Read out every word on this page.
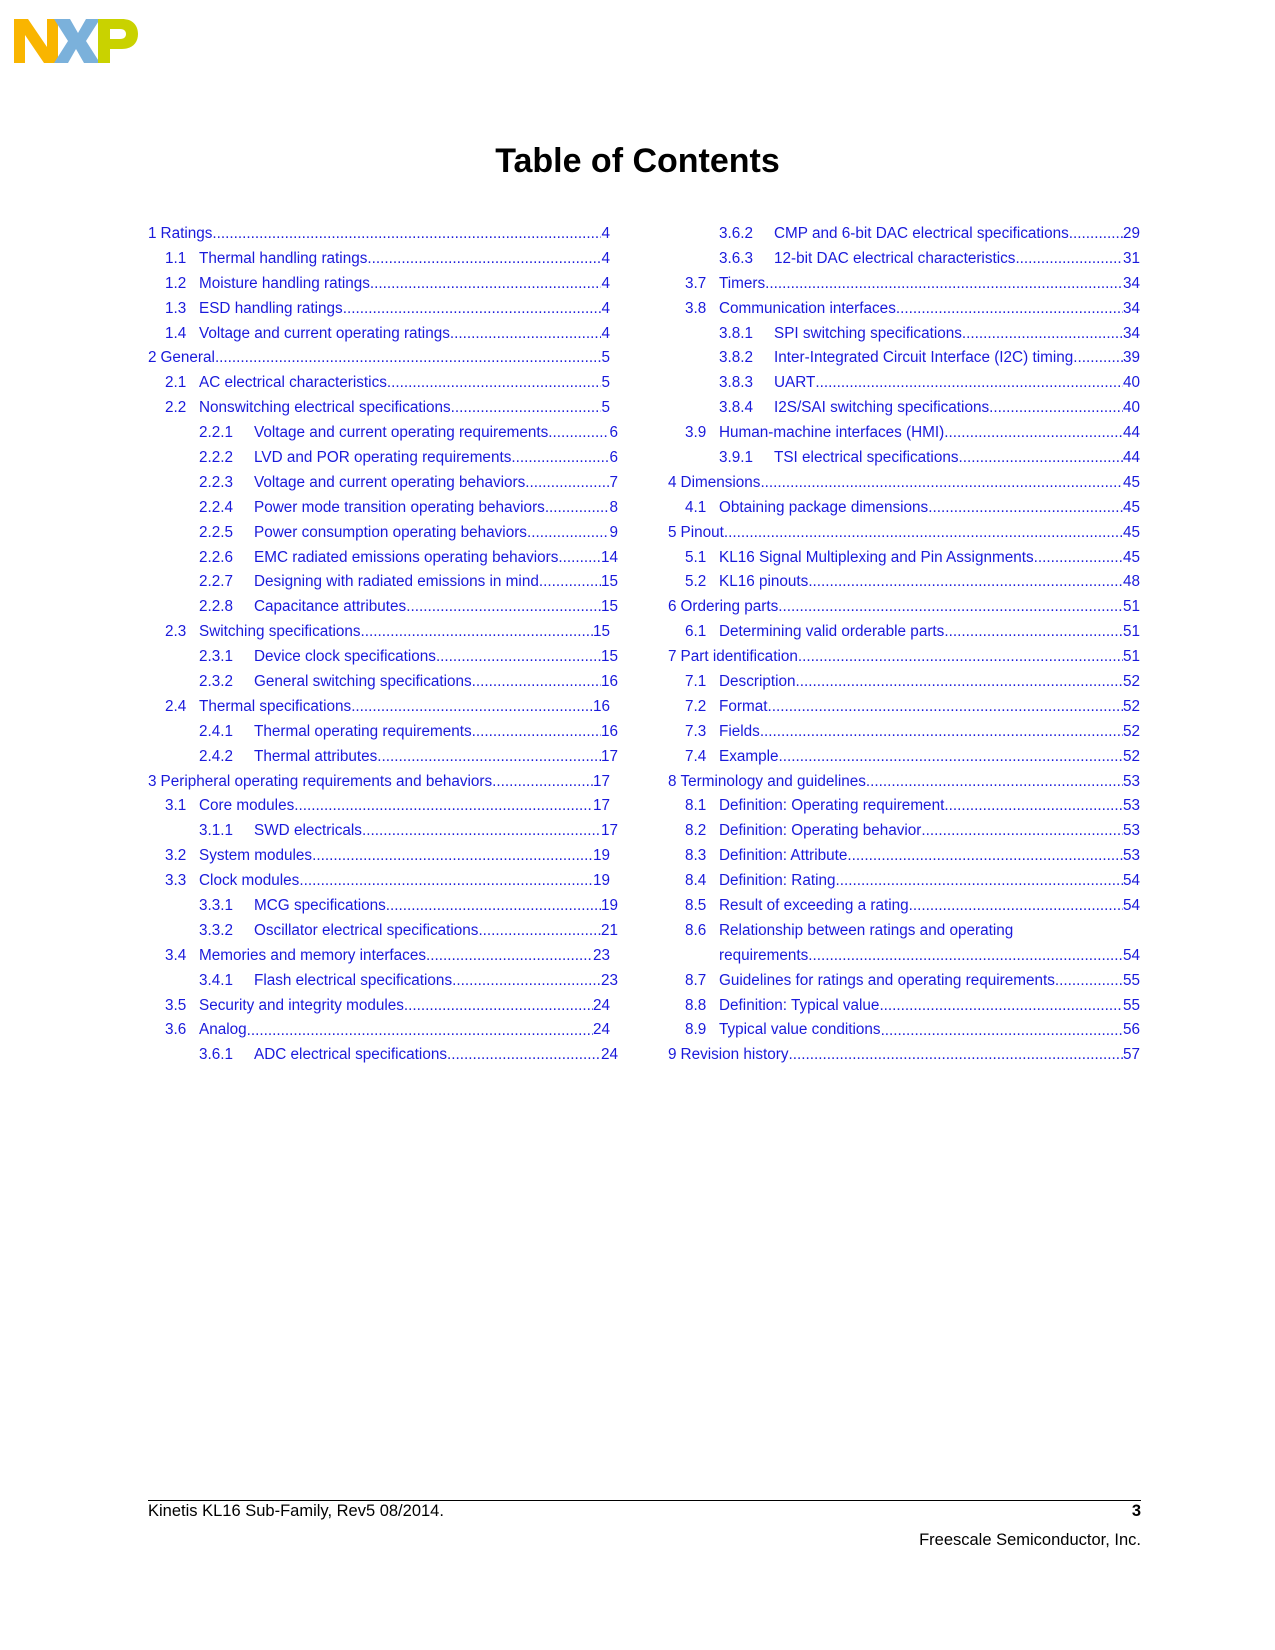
Table of Contents
1 Ratings .....	4
1.1 Thermal handling ratings .....	4
1.2 Moisture handling ratings .....	4
1.3 ESD handling ratings .....	4
1.4 Voltage and current operating ratings .....	4
2 General .....	5
2.1 AC electrical characteristics .....	5
2.2 Nonswitching electrical specifications .....	5
2.2.1	Voltage and current operating requirements .....	6
2.2.2	LVD and POR operating requirements .....	6
2.2.3	Voltage and current operating behaviors .....	7
2.2.4	Power mode transition operating behaviors .....	8
2.2.5	Power consumption operating behaviors .....	9
2.2.6	EMC radiated emissions operating behaviors .....	14
2.2.7	Designing with radiated emissions in mind .....	15
2.2.8	Capacitance attributes .....	15
2.3 Switching specifications .....	15
2.3.1	Device clock specifications .....	15
2.3.2	General switching specifications .....	16
2.4 Thermal specifications .....	16
2.4.1	Thermal operating requirements .....	16
2.4.2	Thermal attributes .....	17
3 Peripheral operating requirements and behaviors .....	17
3.1 Core modules .....	17
3.1.1	SWD electricals .....	17
3.2 System modules .....	19
3.3 Clock modules .....	19
3.3.1	MCG specifications .....	19
3.3.2	Oscillator electrical specifications .....	21
3.4 Memories and memory interfaces .....	23
3.4.1	Flash electrical specifications .....	23
3.5 Security and integrity modules .....	24
3.6 Analog .....	24
3.6.1	ADC electrical specifications .....	24
3.6.2	CMP and 6-bit DAC electrical specifications .....	29
3.6.3	12-bit DAC electrical characteristics .....	31
3.7 Timers .....	34
3.8 Communication interfaces .....	34
3.8.1	SPI switching specifications .....	34
3.8.2	Inter-Integrated Circuit Interface (I2C) timing .....	39
3.8.3	UART .....	40
3.8.4	I2S/SAI switching specifications .....	40
3.9 Human-machine interfaces (HMI) .....	44
3.9.1	TSI electrical specifications .....	44
4 Dimensions .....	45
4.1 Obtaining package dimensions .....	45
5 Pinout .....	45
5.1 KL16 Signal Multiplexing and Pin Assignments .....	45
5.2 KL16 pinouts .....	48
6 Ordering parts .....	51
6.1 Determining valid orderable parts .....	51
7 Part identification .....	51
7.1 Description .....	52
7.2 Format .....	52
7.3 Fields .....	52
7.4 Example .....	52
8 Terminology and guidelines .....	53
8.1 Definition: Operating requirement .....	53
8.2 Definition: Operating behavior .....	53
8.3 Definition: Attribute .....	53
8.4 Definition: Rating .....	54
8.5 Result of exceeding a rating .....	54
8.6 Relationship between ratings and operating
requirements .....	54
8.7 Guidelines for ratings and operating requirements .....	55
8.8 Definition: Typical value .....	55
8.9 Typical value conditions .....	56
9 Revision history .....	57
Kinetis KL16 Sub-Family, Rev5 08/2014.	3
Freescale Semiconductor, Inc.
